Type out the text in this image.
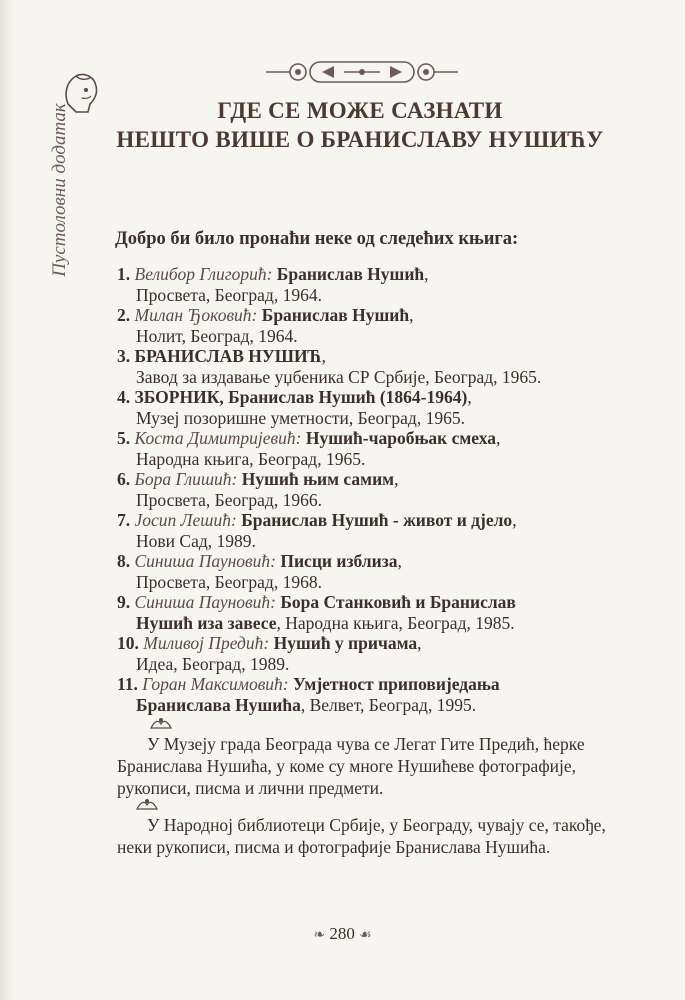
Пустоловни додатак	ГДЕ СЕ МОЖЕ САЗНАТИ
НЕШТО ВИШЕ О БРАНИСЛАВУ НУШИЋУ
Добро би било пронаћи неке од следећих књига:
1. Велибор Глигорић: Бранислав Нушић,
Просвета, Београд, 1964.
2. Милан Ђоковић: Бранислав Нушић,
Нолит, Београд, 1964.
3. БРАНИСЛАВ НУШИЋ,
Завод за издавање уџбеника СР Србије, Београд, 1965.
4. ЗБОРНИК, Бранислав Нушић (1864-1964),
Музеј позоришне уметности, Београд, 1965.
5. Коста Димитријевић: Нушић-чаробњак смеха,
Народна књига, Београд, 1965.
6. Бора Глишић: Нушић њим самим,
Просвета, Београд, 1966.
7. Јосип Лешић: Бранислав Нушић - живот и дјело,
Нови Сад, 1989.
8. Синиша Пауновић: Писци изблиза,
Просвета, Београд, 1968.
9. Синиша Пауновић: Бора Станковић и Бранислав
Нушић иза завесе, Народна књига, Београд, 1985.
10. Миливој Предић: Нушић у причама,
Идеа, Београд, 1989.
11. Горан Максимовић: Умјетност приповиједања
Бранислава Нушића, Велвет, Београд, 1995.

У Музеју града Београда чува се Легат Гите Предић, ћерке Бранислава Нушића, у коме су многе Нушићеве фотографије, рукописи, писма и лични предмети.

У Народној библиотеци Србије, у Београду, чувају се, такође, неки рукописи, писма и фотографије Бранислава Нушића.

❧ 280 ☙
